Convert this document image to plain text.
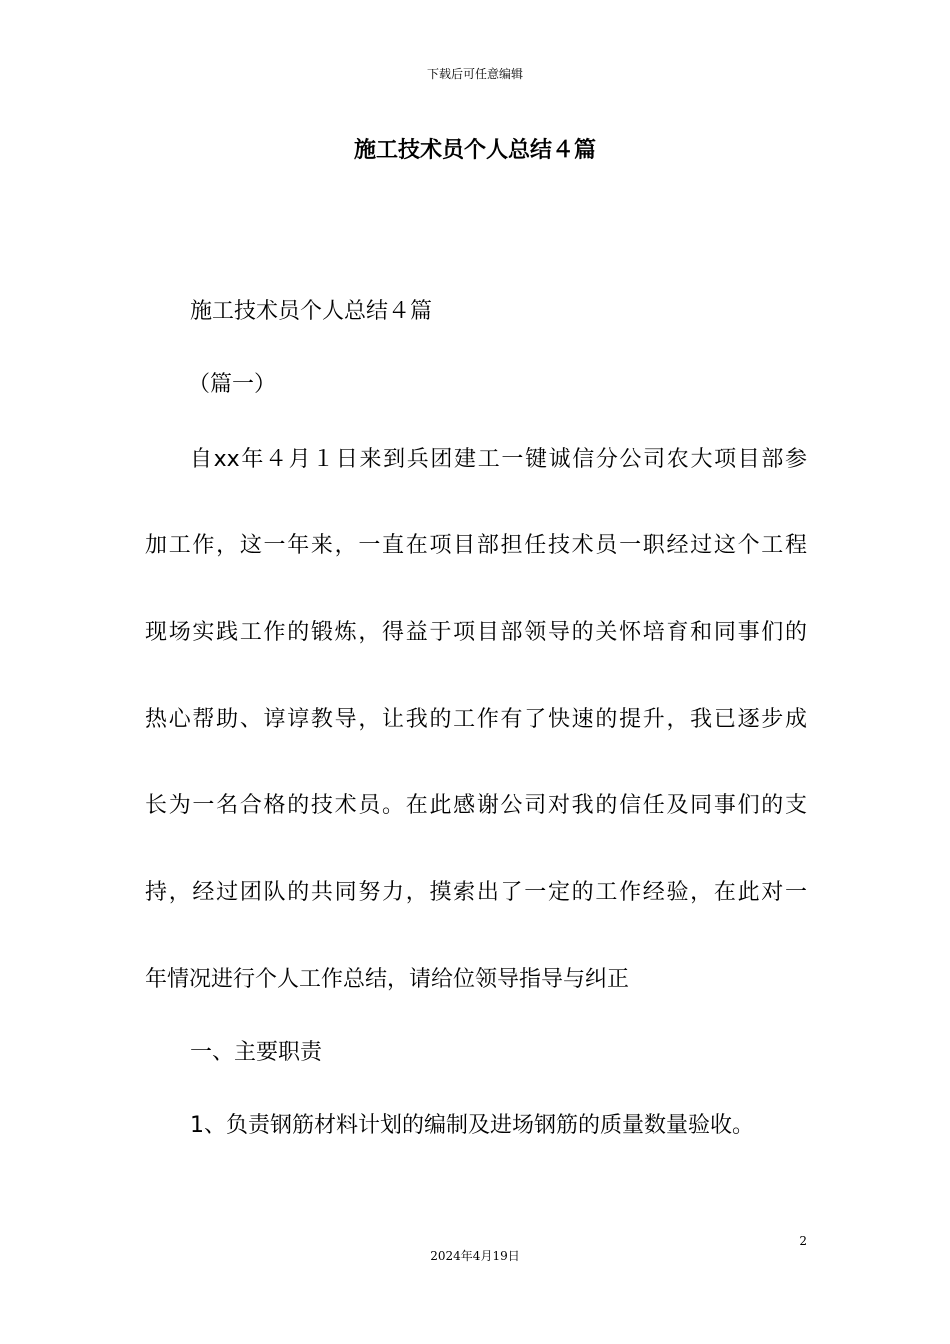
下载后可任意编辑
施工技术员个人总结４篇
施工技术员个人总结４篇
（篇一）
自xx年４月１日来到兵团建工一键诚信分公司农大项目部参
加工作，这一年来，一直在项目部担任技术员一职经过这个工程
现场实践工作的锻炼，得益于项目部领导的关怀培育和同事们的
热心帮助、谆谆教导，让我的工作有了快速的提升，我已逐步成
长为一名合格的技术员。在此感谢公司对我的信任及同事们的支
持，经过团队的共同努力，摸索出了一定的工作经验，在此对一
年情况进行个人工作总结，请给位领导指导与纠正
一、主要职责
1、负责钢筋材料计划的编制及进场钢筋的质量数量验收。
2
2024年4月19日
